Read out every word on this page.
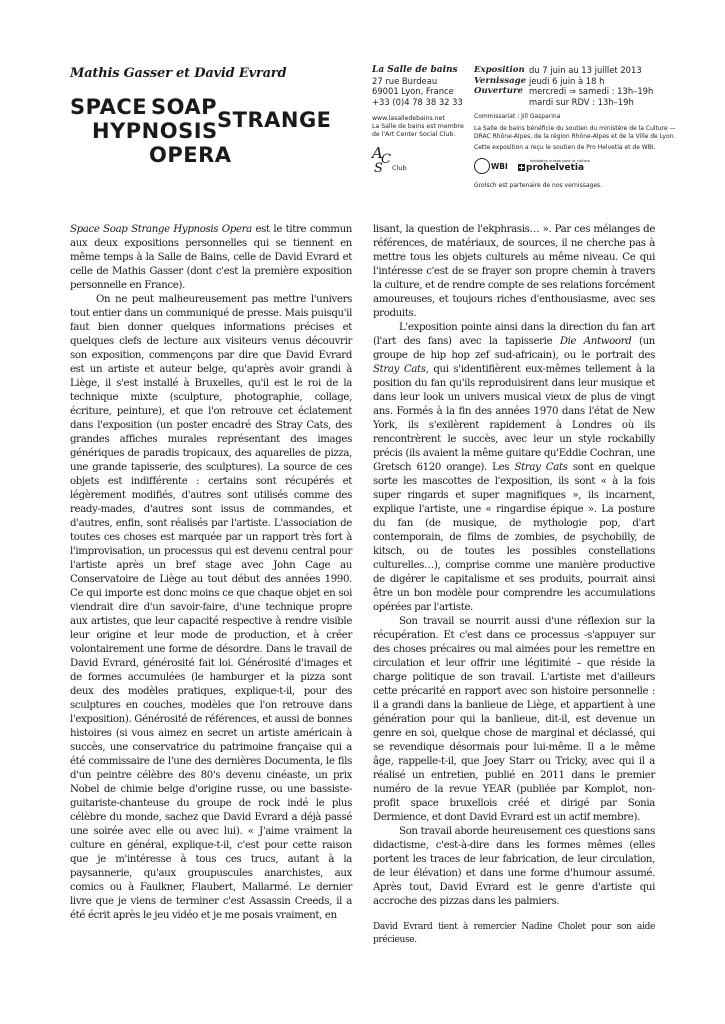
Mathis Gasser et David Evrard
SPACE SOAP
HYPNOSIS STRANGE
OPERA
La Salle de bains
27 rue Burdeau
69001 Lyon, France
+33 (0)4 78 38 32 33
www.lasalledebains.net
La Salle de bains est membre
de l'Art Center Social Club.
A
C
S Club
Exposition du 7 juin au 13 juillet 2013
Vernissage jeudi 6 juin à 18 h
Ouverture mercredi ⇒ samedi : 13h–19h
mardi sur RDV : 13h–19h
Commissariat : Jill Gasparina
La Salle de bains bénéficie du soutien du ministère de la Culture —
DRAC Rhône-Alpes, de la région Rhône-Alpes et de la Ville de Lyon.
Cette exposition a reçu le soutien de Pro Helvetia et de WBI.
WBI
fondation suisse pour la culture
prohelvetia
Grolsch est partenaire de nos vernissages.

Space Soap Strange Hypnosis Opera est le titre commun aux deux expositions personnelles qui se tiennent en même temps à la Salle de Bains, celle de David Evrard et celle de Mathis Gasser (dont c'est la première exposition personnelle en France).

On ne peut malheureusement pas mettre l'univers tout entier dans un communiqué de presse. Mais puisqu'il faut bien donner quelques informations précises et quelques clefs de lecture aux visiteurs venus découvrir son exposition, commençons par dire que David Evrard est un artiste et auteur belge, qu'après avoir grandi à Liège, il s'est installé à Bruxelles, qu'il est le roi de la technique mixte (sculpture, photographie, collage, écriture, peinture), et que l'on retrouve cet éclatement dans l'exposition (un poster encadré des Stray Cats, des grandes affiches murales représentant des images génériques de paradis tropicaux, des aquarelles de pizza, une grande tapisserie, des sculptures). La source de ces objets est indifférente : certains sont récupérés et légèrement modifiés, d'autres sont utilisés comme des ready-mades, d'autres sont issus de commandes, et d'autres, enfin, sont réalisés par l'artiste. L'association de toutes ces choses est marquée par un rapport très fort à l'improvisation, un processus qui est devenu central pour l'artiste après un bref stage avec John Cage au Conservatoire de Liège au tout début des années 1990. Ce qui importe est donc moins ce que chaque objet en soi viendrait dire d'un savoir-faire, d'une technique propre aux artistes, que leur capacité respective à rendre visible leur origine et leur mode de production, et à créer volontairement une forme de désordre. Dans le travail de David Evrard, générosité fait loi. Générosité d'images et de formes accumulées (le hamburger et la pizza sont deux des modèles pratiques, explique-t-il, pour des sculptures en couches, modèles que l'on retrouve dans l'exposition). Générosité de références, et aussi de bonnes histoires (si vous aimez en secret un artiste américain à succès, une conservatrice du patrimoine française qui a été commissaire de l'une des dernières Documenta, le fils d'un peintre célèbre des 80's devenu cinéaste, un prix Nobel de chimie belge d'origine russe, ou une bassiste-guitariste-chanteuse du groupe de rock indé le plus célèbre du monde, sachez que David Evrard a déjà passé une soirée avec elle ou avec lui). « J'aime vraiment la culture en général, explique-t-il, c'est pour cette raison que je m'intéresse à tous ces trucs, autant à la paysannerie, qu'aux groupuscules anarchistes, aux comics ou à Faulkner, Flaubert, Mallarmé. Le dernier livre que je viens de terminer c'est Assassin Creeds, il a été écrit après le jeu vidéo et je me posais vraiment, en

lisant, la question de l'ekphrasis… ». Par ces mélanges de références, de matériaux, de sources, il ne cherche pas à mettre tous les objets culturels au même niveau. Ce qui l'intéresse c'est de se frayer son propre chemin à travers la culture, et de rendre compte de ses relations forcément amoureuses, et toujours riches d'enthousiasme, avec ses produits.

L'exposition pointe ainsi dans la direction du fan art (l'art des fans) avec la tapisserie Die Antwoord (un groupe de hip hop zef sud-africain), ou le portrait des Stray Cats, qui s'identifièrent eux-mêmes tellement à la position du fan qu'ils reproduisirent dans leur musique et dans leur look un univers musical vieux de plus de vingt ans. Formés à la fin des années 1970 dans l'état de New York, ils s'exilèrent rapidement à Londres où ils rencontrèrent le succès, avec leur un style rockabilly précis (ils avaient la même guitare qu'Eddie Cochran, une Gretsch 6120 orange). Les Stray Cats sont en quelque sorte les mascottes de l'exposition, ils sont « à la fois super ringards et super magnifiques », ils incarnent, explique l'artiste, une « ringardise épique ». La posture du fan (de musique, de mythologie pop, d'art contemporain, de films de zombies, de psychobilly, de kitsch, ou de toutes les possibles constellations culturelles…), comprise comme une manière productive de digérer le capitalisme et ses produits, pourrait ainsi être un bon modèle pour comprendre les accumulations opérées par l'artiste.

Son travail se nourrit aussi d'une réflexion sur la récupération. Et c'est dans ce processus -s'appuyer sur des choses précaires ou mal aimées pour les remettre en circulation et leur offrir une légitimité – que réside la charge politique de son travail. L'artiste met d'ailleurs cette précarité en rapport avec son histoire personnelle : il a grandi dans la banlieue de Liège, et appartient à une génération pour qui la banlieue, dit-il, est devenue un genre en soi, quelque chose de marginal et déclassé, qui se revendique désormais pour lui-même. Il a le même âge, rappelle-t-il, que Joey Starr ou Tricky, avec qui il a réalisé un entretien, publié en 2011 dans le premier numéro de la revue YEAR (publiée par Komplot, non-profit space bruxellois créé et dirigé par Sonia Dermience, et dont David Evrard est un actif membre).

Son travail aborde heureusement ces questions sans didactisme, c'est-à-dire dans les formes mêmes (elles portent les traces de leur fabrication, de leur circulation, de leur élévation) et dans une forme d'humour assumé. Après tout, David Evrard est le genre d'artiste qui accroche des pizzas dans les palmiers.

David Evrard tient à remercier Nadine Cholet pour son aide précieuse.
